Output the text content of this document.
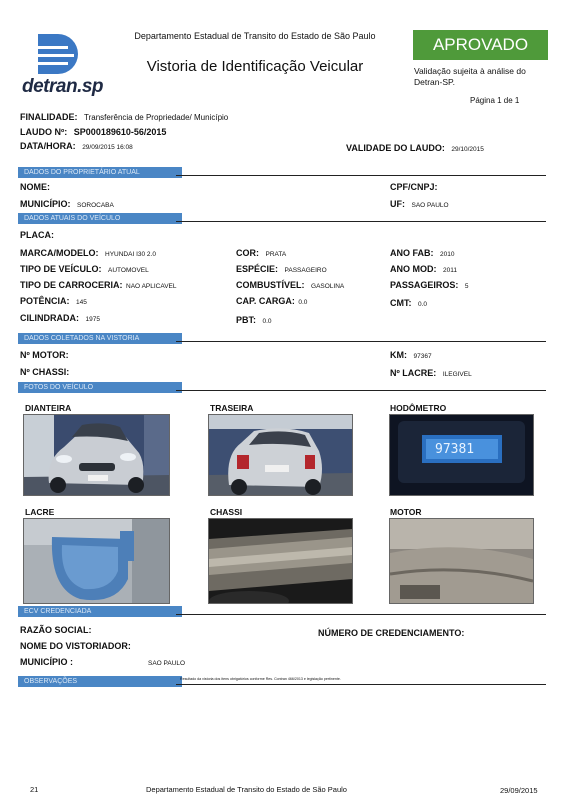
detran.sp
Departamento Estadual de Transito do Estado de São Paulo
Vistoria de Identificação Veicular
APROVADO
Validação sujeita à análise do Detran-SP.
Página 1 de 1
FINALIDADE: Transferência de Propriedade/ Município
LAUDO Nº: SP000189610-56/2015
DATA/HORA: 29/09/2015 16:08	VALIDADE DO LAUDO: 29/10/2015
DADOS DO PROPRIETÁRIO ATUAL
NOME:	CPF/CNPJ:
MUNICÍPIO: SOROCABA	UF: SAO PAULO
DADOS ATUAIS DO VEÍCULO
PLACA:
MARCA/MODELO: HYUNDAI I30 2.0	COR: PRATA	ANO FAB: 2010
TIPO DE VEÍCULO: AUTOMOVEL	ESPÉCIE: PASSAGEIRO	ANO MOD: 2011
TIPO DE CARROCERIA: NAO APLICAVEL	COMBUSTÍVEL: GASOLINA	PASSAGEIROS: 5
POTÊNCIA: 145	CAP. CARGA: 0.0	CMT: 0.0
CILINDRADA: 1975	PBT: 0.0
DADOS COLETADOS NA VISTORIA
Nº MOTOR:	KM: 97367
Nº CHASSI:	Nº LACRE: ILEGIVEL
FOTOS DO VEÍCULO
DIANTEIRA	TRASEIRA	HODÔMETRO
97381
LACRE	CHASSI	MOTOR
ECV CREDENCIADA
RAZÃO SOCIAL:	NÚMERO DE CREDENCIAMENTO:
NOME DO VISTORIADOR:
MUNICÍPIO :	SAO PAULO
OBSERVAÇÕES	Resultado da vistoria dos itens obrigatórios conforme Res. Contran 466/2013 e legislação pertinente.
21	Departamento Estadual de Transito do Estado de São Paulo	29/09/2015
